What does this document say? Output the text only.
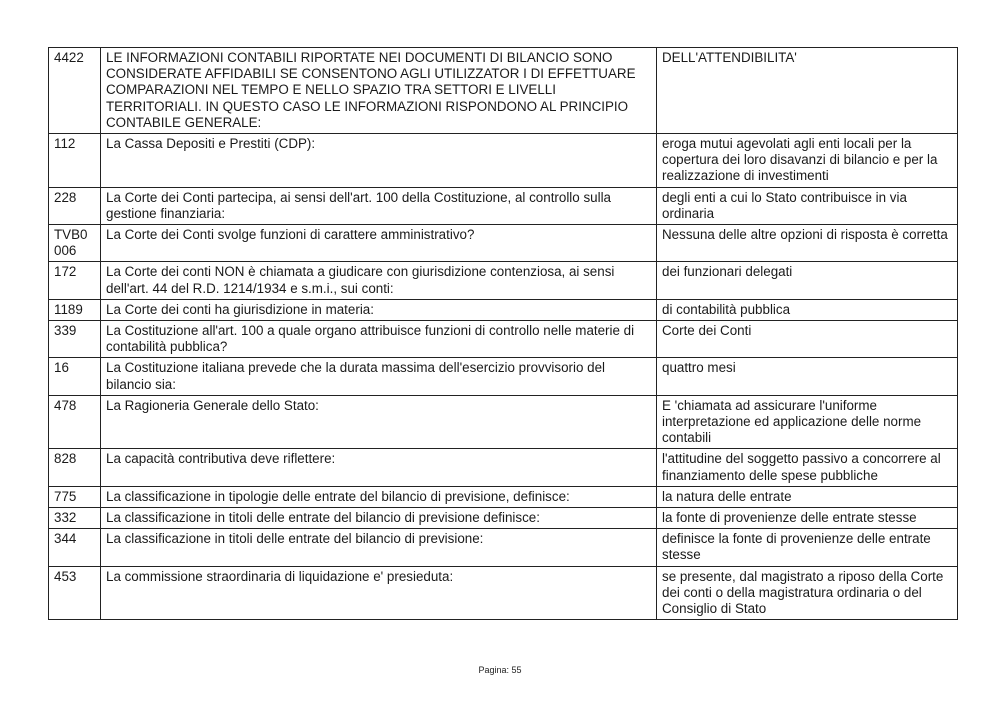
4422	LE INFORMAZIONI CONTABILI RIPORTATE NEI DOCUMENTI DI BILANCIO SONO CONSIDERATE AFFIDABILI SE CONSENTONO AGLI UTILIZZATOR I DI EFFETTUARE COMPARAZIONI NEL TEMPO E NELLO SPAZIO TRA SETTORI E LIVELLI TERRITORIALI. IN QUESTO CASO LE INFORMAZIONI RISPONDONO AL PRINCIPIO CONTABILE GENERALE:	DELL'ATTENDIBILITA'
112	La Cassa Depositi e Prestiti (CDP):	eroga mutui agevolati agli enti locali per la copertura dei loro disavanzi di bilancio e per la realizzazione di investimenti
228	La Corte dei Conti partecipa, ai sensi dell'art. 100 della Costituzione, al controllo sulla gestione finanziaria:	degli enti a cui lo Stato contribuisce in via ordinaria
TVB0 006	La Corte dei Conti svolge funzioni di carattere amministrativo?	Nessuna delle altre opzioni di risposta è corretta
172	La Corte dei conti NON è chiamata a giudicare con giurisdizione contenziosa, ai sensi dell'art. 44 del R.D. 1214/1934 e s.m.i., sui conti:	dei funzionari delegati
1189	La Corte dei conti ha giurisdizione in materia:	di contabilità pubblica
339	La Costituzione all'art. 100 a quale organo attribuisce funzioni di controllo nelle materie di contabilità pubblica?	Corte dei Conti
16	La Costituzione italiana prevede che la durata massima dell'esercizio provvisorio del bilancio sia:	quattro mesi
478	La Ragioneria Generale dello Stato:	E 'chiamata ad assicurare l'uniforme interpretazione ed applicazione delle norme contabili
828	La capacità contributiva deve riflettere:	l'attitudine del soggetto passivo a concorrere al finanziamento delle spese pubbliche
775	La classificazione in tipologie delle entrate del bilancio di previsione, definisce:	la natura delle entrate
332	La classificazione in titoli delle entrate del bilancio di previsione definisce:	la fonte di provenienze delle entrate stesse
344	La classificazione in titoli delle entrate del bilancio di previsione:	definisce la fonte di provenienze delle entrate stesse
453	La commissione straordinaria di liquidazione e' presieduta:	se presente, dal magistrato a riposo della Corte dei conti o della magistratura ordinaria o del Consiglio di Stato
Pagina: 55
